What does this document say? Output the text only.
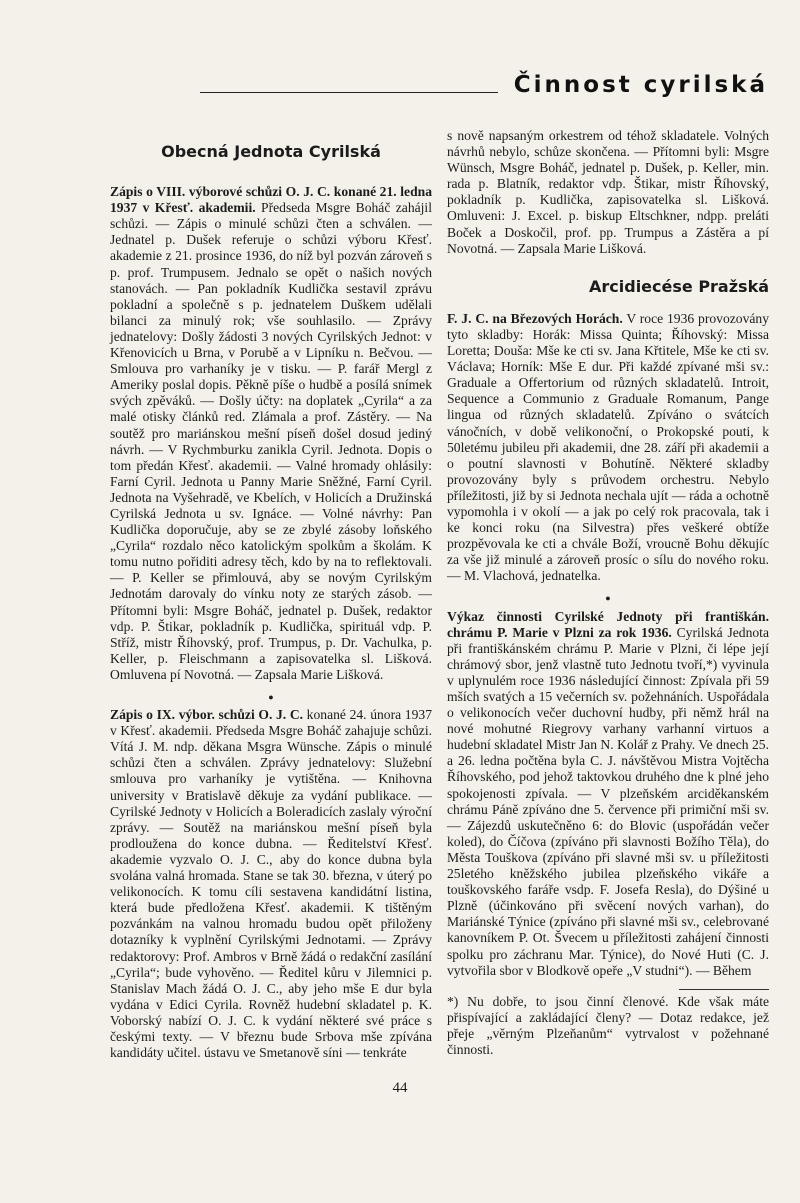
Činnost cyrilská
Obecná Jednota Cyrilská

Zápis o VIII. výborové schůzi O. J. C. konané 21. ledna 1937 v Křesť. akademii. Předseda Msgre Boháč zahájil schůzi. — Zápis o minulé schůzi čten a schválen. — Jednatel p. Dušek referuje o schůzi výboru Křesť. akademie z 21. prosince 1936, do níž byl pozván zároveň s p. prof. Trumpusem. Jednalo se opět o našich nových stanovách. — Pan pokladník Kudlička sestavil zprávu pokladní a společně s p. jednatelem Duškem udělali bilanci za minulý rok; vše souhlasilo. — Zprávy jednatelovy: Došly žádosti 3 nových Cyrilských Jednot: v Křenovicích u Brna, v Porubě a v Lipníku n. Bečvou. — Smlouva pro varhaníky je v tisku. — P. farář Mergl z Ameriky poslal dopis. Pěkně píše o hudbě a posílá snímek svých zpěváků. — Došly účty: na doplatek „Cyrila“ a za malé otisky článků red. Zlámala a prof. Zástěry. — Na soutěž pro mariánskou mešní píseň došel dosud jediný návrh. — V Rychmburku zanikla Cyril. Jednota. Dopis o tom předán Křesť. akademii. — Valné hromady ohlásily: Farní Cyril. Jednota u Panny Marie Sněžné, Farní Cyril. Jednota na Vyšehradě, ve Kbelích, v Holicích a Družinská Cyrilská Jednota u sv. Ignáce. — Volné návrhy: Pan Kudlička doporučuje, aby se ze zbylé zásoby loňského „Cyrila“ rozdalo něco katolickým spolkům a školám. K tomu nutno pořiditi adresy těch, kdo by na to reflektovali. — P. Keller se přimlouvá, aby se novým Cyrilským Jednotám darovaly do vínku noty ze starých zásob. — Přítomni byli: Msgre Boháč, jednatel p. Dušek, redaktor vdp. P. Štikar, pokladník p. Kudlička, spirituál vdp. P. Stříž, mistr Říhovský, prof. Trumpus, p. Dr. Vachulka, p. Keller, p. Fleischmann a zapisovatelka sl. Lišková. Omluvena pí Novotná. — Zapsala Marie Lišková.

●

Zápis o IX. výbor. schůzi O. J. C. konané 24. února 1937 v Křesť. akademii. Předseda Msgre Boháč zahajuje schůzi. Vítá J. M. ndp. děkana Msgra Wünsche. Zápis o minulé schůzi čten a schválen. Zprávy jednatelovy: Služební smlouva pro varhaníky je vytištěna. — Knihovna university v Bratislavě děkuje za vydání publikace. — Cyrilské Jednoty v Holicích a Boleradicích zaslaly výroční zprávy. — Soutěž na mariánskou mešní píseň byla prodloužena do konce dubna. — Ředitelství Křesť. akademie vyzvalo O. J. C., aby do konce dubna byla svolána valná hromada. Stane se tak 30. března, v úterý po velikonocích. K tomu cíli sestavena kandidátní listina, která bude předložena Křesť. akademii. K tištěným pozvánkám na valnou hromadu budou opět přiloženy dotazníky k vyplnění Cyrilskými Jednotami. — Zprávy redaktorovy: Prof. Ambros v Brně žádá o redakční zasílání „Cyrila“; bude vyhověno. — Ředitel kůru v Jilemnici p. Stanislav Mach žádá O. J. C., aby jeho mše E dur byla vydána v Edici Cyrila. Rovněž hudební skladatel p. K. Voborský nabízí O. J. C. k vydání některé své práce s českými texty. — V březnu bude Srbova mše zpívána kandidáty učitel. ústavu ve Smetanově síni — tenkráte

s nově napsaným orkestrem od téhož skladatele. Volných návrhů nebylo, schůze skončena. — Přítomni byli: Msgre Wünsch, Msgre Boháč, jednatel p. Dušek, p. Keller, min. rada p. Blatník, redaktor vdp. Štikar, mistr Říhovský, pokladník p. Kudlička, zapisovatelka sl. Lišková. Omluveni: J. Excel. p. biskup Eltschkner, ndpp. preláti Boček a Doskočil, prof. pp. Trumpus a Zástěra a pí Novotná. — Zapsala Marie Lišková.

Arcidiecése Pražská

F. J. C. na Březových Horách. V roce 1936 provozovány tyto skladby: Horák: Missa Quinta; Říhovský: Missa Loretta; Douša: Mše ke cti sv. Jana Křtitele, Mše ke cti sv. Václava; Horník: Mše E dur. Při každé zpívané mši sv.: Graduale a Offertorium od různých skladatelů. Introit, Sequence a Communio z Graduale Romanum, Pange lingua od různých skladatelů. Zpíváno o svátcích vánočních, v době velikonoční, o Prokopské pouti, k 50letému jubileu při akademii, dne 28. září při akademii a o poutní slavnosti v Bohutíně. Některé skladby provozovány byly s průvodem orchestru. Nebylo příležitosti, již by si Jednota nechala ujít — ráda a ochotně vypomohla i v okolí — a jak po celý rok pracovala, tak i ke konci roku (na Silvestra) přes veškeré obtíže prozpěvovala ke cti a chvále Boží, vroucně Bohu děkujíc za vše již minulé a zároveň prosíc o sílu do nového roku. — M. Vlachová, jednatelka.

●

Výkaz činnosti Cyrilské Jednoty při františkán. chrámu P. Marie v Plzni za rok 1936. Cyrilská Jednota při františkánském chrámu P. Marie v Plzni, či lépe její chrámový sbor, jenž vlastně tuto Jednotu tvoří,*) vyvinula v uplynulém roce 1936 následující činnost: Zpívala při 59 mších svatých a 15 večerních sv. požehnáních. Uspořádala o velikonocích večer duchovní hudby, při němž hrál na nové mohutné Riegrovy varhany varhanní virtuos a hudební skladatel Mistr Jan N. Kolář z Prahy. Ve dnech 25. a 26. ledna počtěna byla C. J. návštěvou Mistra Vojtěcha Říhovského, pod jehož taktovkou druhého dne k plné jeho spokojenosti zpívala. — V plzeňském arciděkanském chrámu Páně zpíváno dne 5. července při primiční mši sv. — Zájezdů uskutečněno 6: do Blovic (uspořádán večer koled), do Číčova (zpíváno při slavnosti Božího Těla), do Města Touškova (zpíváno při slavné mši sv. u příležitosti 25letého kněžského jubilea plzeňského vikáře a touškovského faráře vsdp. F. Josefa Resla), do Dýšiné u Plzně (účinkováno při svěcení nových varhan), do Mariánské Týnice (zpíváno při slavné mši sv., celebrované kanovníkem P. Ot. Švecem u příležitosti zahájení činnosti spolku pro záchranu Mar. Týnice), do Nové Huti (C. J. vytvořila sbor v Blodkově opeře „V studni“). — Během

*) Nu dobře, to jsou činní členové. Kde však máte přispívající a zakládající členy? — Dotaz redakce, jež přeje „věrným Plzeňanům“ vytrvalost v požehnané činnosti.

44
